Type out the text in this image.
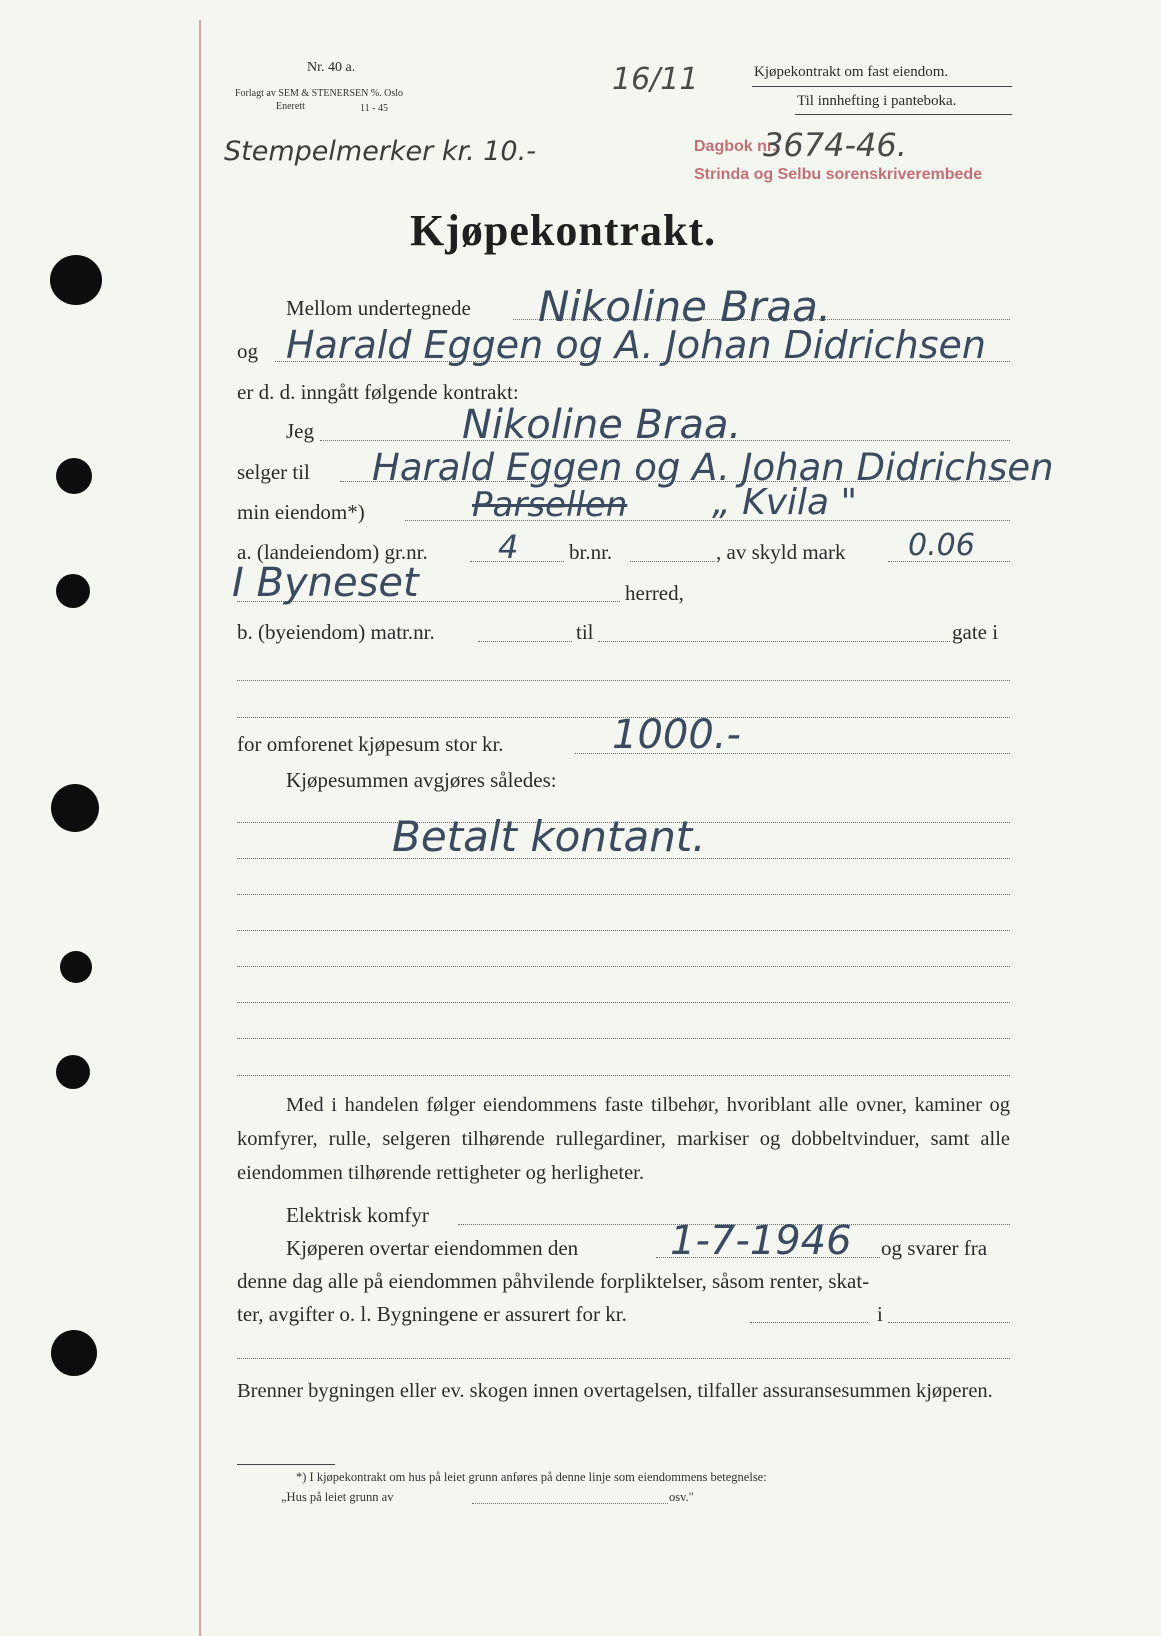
Nr. 40 a.
Forlagt av SEM & STENERSEN %. Oslo
Enerett	11 - 45
16/11	Kjøpekontrakt om fast eiendom.
Til innhefting i panteboka.
Stempelmerker kr. 10.-	Dagbok nr.
3674-46.
Strinda og Selbu sorenskriverembede
Kjøpekontrakt.
Mellom undertegnede Nikoline Braa.
og Harald Eggen og A. Johan Didrichsen
er d. d. inngått følgende kontrakt:
Jeg	Nikoline Braa.
selger til Harald Eggen og A. Johan Didrichsen
min eiendom*)	Parsellen „ Kvila "
a. (landeiendom) gr.nr. 4 br.nr.	, av skyld mark 0.06
I Byneset	herred,
b. (byeiendom) matr.nr.	til	gate i
for omforenet kjøpesum stor kr.	1000.-
Kjøpesummen avgjøres således:
Betalt kontant.
Med i handelen følger eiendommens faste tilbehør, hvoriblant alle ovner, kaminer og komfyrer, rulle, selgeren tilhørende rullegardiner, markiser og dobbeltvinduer, samt alle eiendommen tilhørende rettigheter og herligheter.
Elektrisk komfyr
Kjøperen overtar eiendommen den 1-7-1946 og svarer fra
denne dag alle på eiendommen påhvilende forpliktelser, såsom renter, skat-
ter, avgifter o. l. Bygningene er assurert for kr.	i
Brenner bygningen eller ev. skogen innen overtagelsen, tilfaller assuransesummen kjøperen.
*) I kjøpekontrakt om hus på leiet grunn anføres på denne linje som eiendommens betegnelse:
„Hus på leiet grunn av	osv."
